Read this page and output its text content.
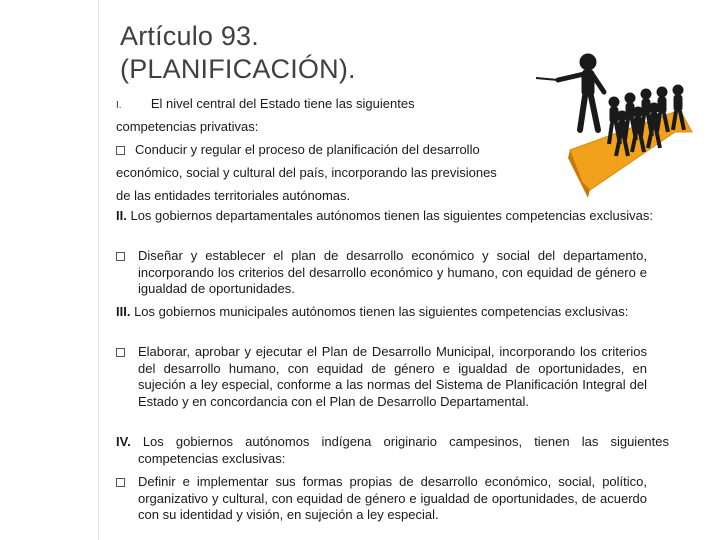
Artículo 93.
(PLANIFICACIÓN).
I. El nivel central del Estado tiene las siguientes
competencias privativas:
Conducir y regular el proceso de planificación del desarrollo
económico, social y cultural del país, incorporando las previsiones
de las entidades territoriales autónomas.
II. Los gobiernos departamentales autónomos tienen las siguientes competencias exclusivas:
Diseñar y establecer el plan de desarrollo económico y social del departamento, incorporando los criterios del desarrollo económico y humano, con equidad de género e igualdad de oportunidades.
III. Los gobiernos municipales autónomos tienen las siguientes competencias exclusivas:
Elaborar, aprobar y ejecutar el Plan de Desarrollo Municipal, incorporando los criterios del desarrollo humano, con equidad de género e igualdad de oportunidades, en sujeción a ley especial, conforme a las normas del Sistema de Planificación Integral del Estado y en concordancia con el Plan de Desarrollo Departamental.
IV. Los gobiernos autónomos indígena originario campesinos, tienen las siguientes competencias exclusivas:
Definir e implementar sus formas propias de desarrollo económico, social, político, organizativo y cultural, con equidad de género e igualdad de oportunidades, de acuerdo con su identidad y visión, en sujeción a ley especial.
